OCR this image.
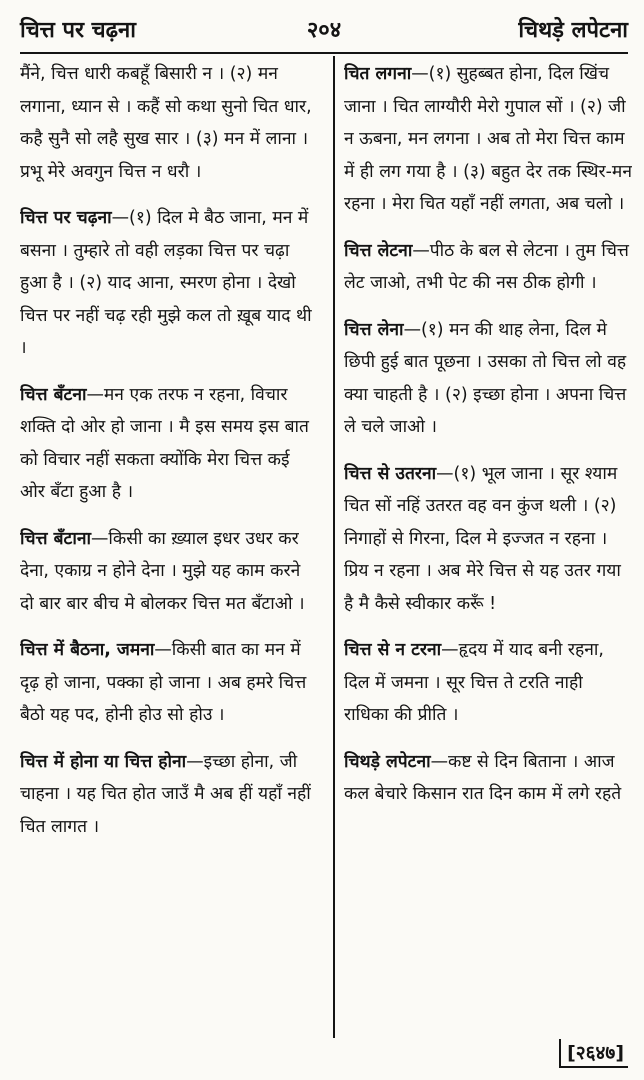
चित्त पर चढ़ना	२०४	चिथड़े लपेटना

मैंने, चित्त धारी कबहूँ बिसारी न । (२) मन लगाना, ध्यान से । कहैं सो कथा सुनो चित धार, कहै सुनै सो लहै सुख सार । (३) मन में लाना । प्रभू मेरे अवगुन चित्त न धरौ ।

चित्त पर चढ़ना—(१) दिल मे बैठ जाना, मन में बसना । तुम्हारे तो वही लड़का चित्त पर चढ़ा हुआ है । (२) याद आना, स्मरण होना । देखो चित्त पर नहीं चढ़ रही मुझे कल तो ख़ूब याद थी ।

चित्त बँटना—मन एक तरफ न रहना, विचार शक्ति दो ओर हो जाना । मै इस समय इस बात को विचार नहीं सकता क्योंकि मेरा चित्त कई ओर बँटा हुआ है ।

चित्त बँटाना—किसी का ख़्याल इधर उधर कर देना, एकाग्र न होने देना । मुझे यह काम करने दो बार बार बीच मे बोलकर चित्त मत बँटाओ ।

चित्त में बैठना, जमना—किसी बात का मन में दृढ़ हो जाना, पक्का हो जाना । अब हमरे चित्त बैठो यह पद, होनी होउ सो होउ ।

चित्त में होना या चित्त होना—इच्छा होना, जी चाहना । यह चित होत जाउँ मै अब हीं यहाँ नहीं चित लागत ।

चित लगना—(१) सुहब्बत होना, दिल खिंच जाना । चित लाग्यौरी मेरो गुपाल सों । (२) जी न ऊबना, मन लगना । अब तो मेरा चित्त काम में ही लग गया है । (३) बहुत देर तक स्थिर-मन रहना । मेरा चित यहाँ नहीं लगता, अब चलो ।

चित्त लेटना—पीठ के बल से लेटना । तुम चित्त लेट जाओ, तभी पेट की नस ठीक होगी ।

चित्त लेना—(१) मन की थाह लेना, दिल मे छिपी हुई बात पूछना । उसका तो चित्त लो वह क्या चाहती है । (२) इच्छा होना । अपना चित्त ले चले जाओ ।

चित्त से उतरना—(१) भूल जाना । सूर श्याम चित सों नहिं उतरत वह वन कुंज थली । (२) निगाहों से गिरना, दिल मे इज्जत न रहना । प्रिय न रहना । अब मेरे चित्त से यह उतर गया है मै कैसे स्वीकार करूँ !

चित्त से न टरना—हृदय में याद बनी रहना, दिल में जमना । सूर चित्त ते टरति नाही राधिका की प्रीति ।

चिथड़े लपेटना—कष्ट से दिन बिताना । आज कल बेचारे किसान रात दिन काम में लगे रहते

[२६४७]
